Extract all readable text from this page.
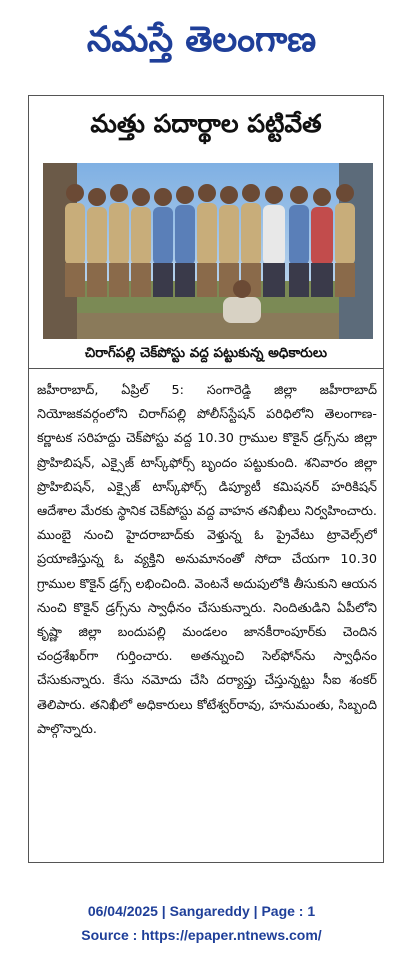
నమస్తే తెలంగాణ
మత్తు పదార్థాల పట్టివేత
చిరాగ్‌పల్లి చెక్‌పోస్టు వద్ద పట్టుకున్న అధికారులు
జహీరాబాద్, ఏప్రిల్ 5: సంగారెడ్డి జిల్లా జహీరాబాద్ నియోజకవర్గంలోని చిరాగ్‌పల్లి పోలీస్‌స్టేషన్ పరిధిలోని తెలంగాణ-కర్ణాటక సరిహద్దు చెక్‌పోస్టు వద్ద 10.30 గ్రాముల కొకైన్ డ్రగ్స్‌ను జిల్లా ప్రొహిబిషన్, ఎక్సైజ్ టాస్క్‌ఫోర్స్ బృందం పట్టుకుంది. శనివారం జిల్లా ప్రొహిబిషన్, ఎక్సైజ్ టాస్క్‌ఫోర్స్ డిప్యూటీ కమిషనర్ హరికిషన్ ఆదేశాల మేరకు స్థానిక చెక్‌పోస్టు వద్ద వాహన తనిఖీలు నిర్వహించారు. ముంబై నుంచి హైదరాబాద్‌కు వెళ్తున్న ఓ ప్రైవేటు ట్రావెల్స్‌లో ప్రయాణిస్తున్న ఓ వ్యక్తిని అనుమానంతో సోదా చేయగా 10.30 గ్రాముల కొకైన్ డ్రగ్స్ లభించింది. వెంటనే అదుపులోకి తీసుకుని ఆయన నుంచి కొకైన్ డ్రగ్స్‌ను స్వాధీనం చేసుకున్నారు. నిందితుడిని ఏపీలోని కృష్ణా జిల్లా బందుపల్లి మండలం జానకీరాంపూర్‌కు చెందిన చంద్రశేఖర్‌గా గుర్తించారు. అతన్నుంచి సెల్‌ఫోన్‌ను స్వాధీనం చేసుకున్నారు. కేసు నమోదు చేసి దర్యాప్తు చేస్తున్నట్టు సీఐ శంకర్ తెలిపారు. తనిఖీలో అధికారులు కోటేశ్వర్‌రావు, హనుమంతు, సిబ్బంది పాల్గొన్నారు.
06/04/2025 | Sangareddy | Page : 1
Source : https://epaper.ntnews.com/
